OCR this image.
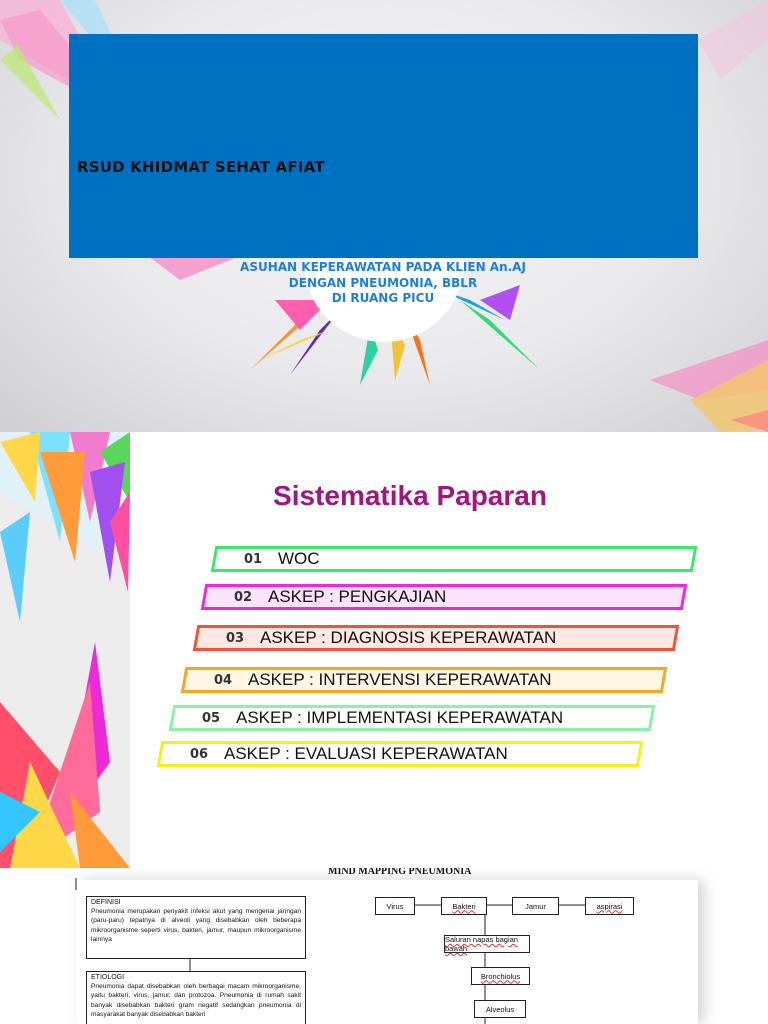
RSUD KHIDMAT SEHAT AFIAT
ASUHAN KEPERAWATAN PADA KLIEN An.AJ
DENGAN PNEUMONIA, BBLR
DI RUANG PICU
Sistematika Paparan
01 WOC
02 ASKEP : PENGKAJIAN
03 ASKEP : DIAGNOSIS KEPERAWATAN
04 ASKEP : INTERVENSI KEPERAWATAN
05 ASKEP : IMPLEMENTASI KEPERAWATAN
06 ASKEP : EVALUASI KEPERAWATAN
MIND MAPPING PNEUMONIA
DEFINISI
Pneumonia merupakan penyakit infeksi akut yang mengenai jaringan (paru-paru) tepatnya di alveoli yang disebabkan oleh beberapa mikroorganisme seperti virus, bakteri, jamur, maupun mikroorganisme lainnya
ETIOLOGI
Pneumonia dapat disebabkan oleh berbagai macam mikroorganisme, yaitu bakteri, virus, jamur, dan protozoa. Pneumonia di rumah sakit banyak disebabkan bakteri gram negatif sedangkan pneumonia di masyarakat banyak disebabkan bakteri
Virus	Bakteri	Jamur	aspirasi
Saluran napas bagian bawah
Bronchiolus
Alveolus
